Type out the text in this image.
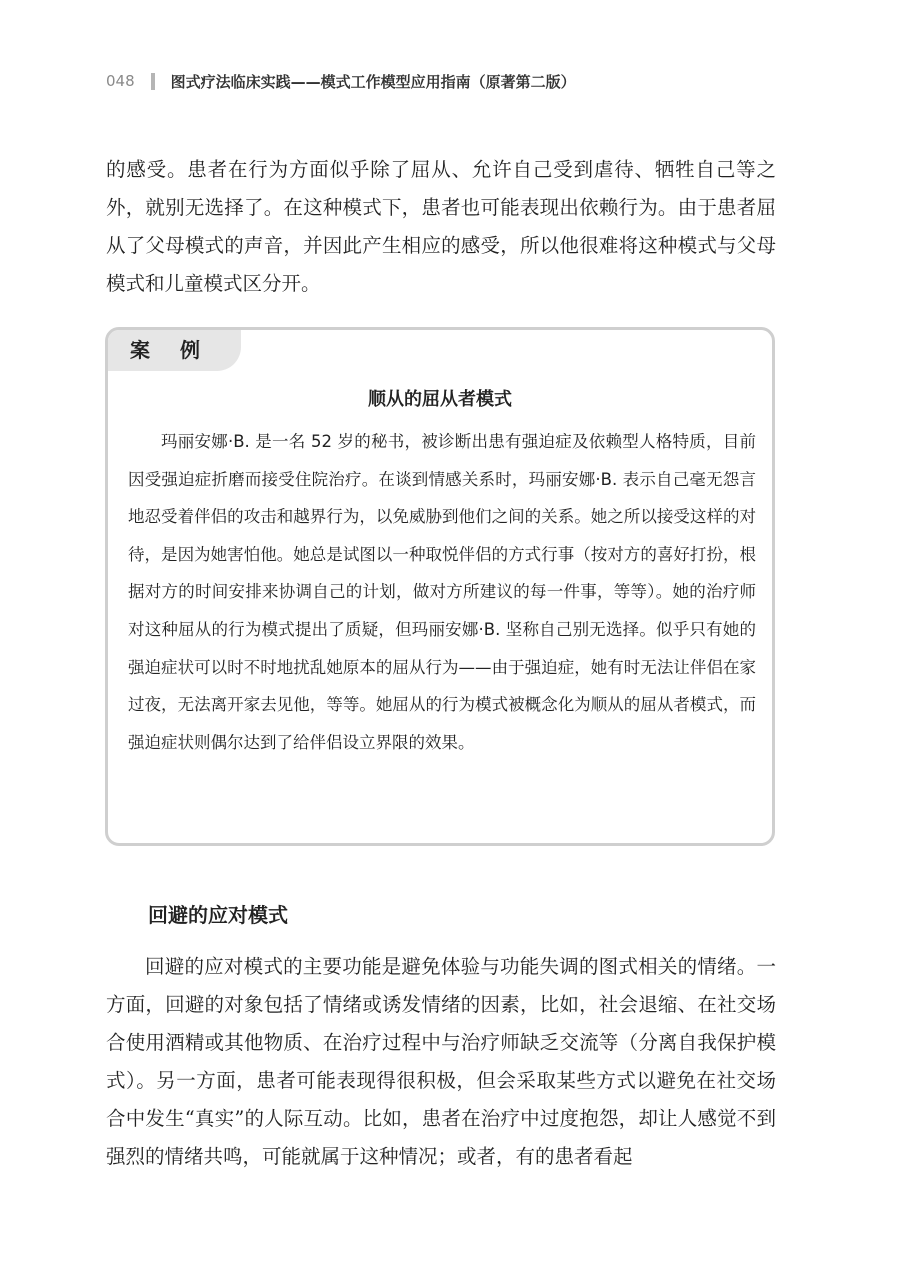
048 图式疗法临床实践——模式工作模型应用指南（原著第二版）

的感受。患者在行为方面似乎除了屈从、允许自己受到虐待、牺牲自己等之外，就别无选择了。在这种模式下，患者也可能表现出依赖行为。由于患者屈从了父母模式的声音，并因此产生相应的感受，所以他很难将这种模式与父母模式和儿童模式区分开。

案例
顺从的屈从者模式

玛丽安娜·B. 是一名 52 岁的秘书，被诊断出患有强迫症及依赖型人格特质，目前因受强迫症折磨而接受住院治疗。在谈到情感关系时，玛丽安娜·B. 表示自己毫无怨言地忍受着伴侣的攻击和越界行为，以免威胁到他们之间的关系。她之所以接受这样的对待，是因为她害怕他。她总是试图以一种取悦伴侣的方式行事（按对方的喜好打扮，根据对方的时间安排来协调自己的计划，做对方所建议的每一件事，等等）。她的治疗师对这种屈从的行为模式提出了质疑，但玛丽安娜·B. 坚称自己别无选择。似乎只有她的强迫症状可以时不时地扰乱她原本的屈从行为——由于强迫症，她有时无法让伴侣在家过夜，无法离开家去见他，等等。她屈从的行为模式被概念化为顺从的屈从者模式，而强迫症状则偶尔达到了给伴侣设立界限的效果。

回避的应对模式

回避的应对模式的主要功能是避免体验与功能失调的图式相关的情绪。一方面，回避的对象包括了情绪或诱发情绪的因素，比如，社会退缩、在社交场合使用酒精或其他物质、在治疗过程中与治疗师缺乏交流等（分离自我保护模式）。另一方面，患者可能表现得很积极，但会采取某些方式以避免在社交场合中发生“真实”的人际互动。比如，患者在治疗中过度抱怨，却让人感觉不到强烈的情绪共鸣，可能就属于这种情况；或者，有的患者看起
